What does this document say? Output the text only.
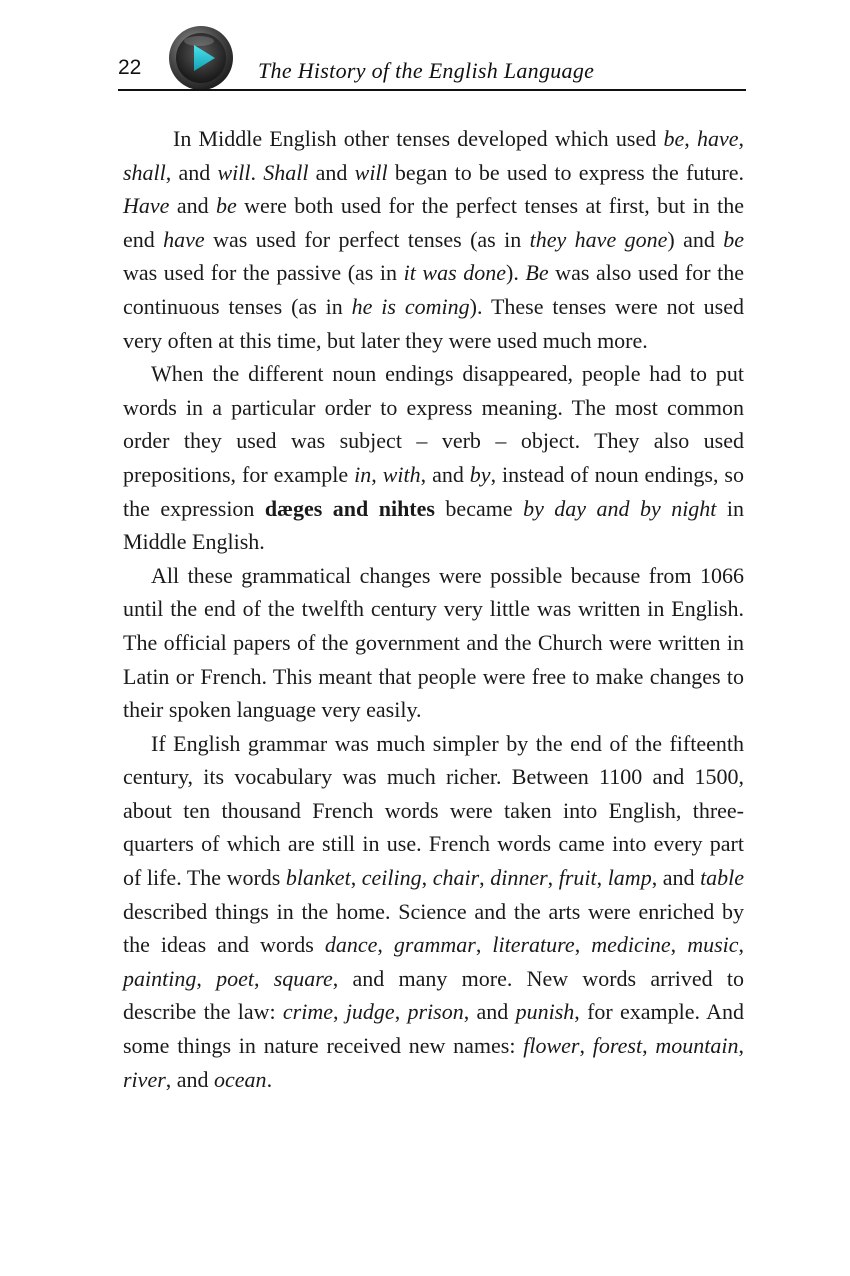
22	The History of the English Language

In Middle English other tenses developed which used be, have, shall, and will. Shall and will began to be used to express the future. Have and be were both used for the perfect tenses at first, but in the end have was used for perfect tenses (as in they have gone) and be was used for the passive (as in it was done). Be was also used for the continuous tenses (as in he is coming). These tenses were not used very often at this time, but later they were used much more.

When the different noun endings disappeared, people had to put words in a particular order to express meaning. The most common order they used was subject – verb – object. They also used prepositions, for example in, with, and by, instead of noun endings, so the expression dæges and nihtes became by day and by night in Middle English.

All these grammatical changes were possible because from 1066 until the end of the twelfth century very little was written in English. The official papers of the government and the Church were written in Latin or French. This meant that people were free to make changes to their spoken language very easily.

If English grammar was much simpler by the end of the fifteenth century, its vocabulary was much richer. Between 1100 and 1500, about ten thousand French words were taken into English, three-quarters of which are still in use. French words came into every part of life. The words blanket, ceiling, chair, dinner, fruit, lamp, and table described things in the home. Science and the arts were enriched by the ideas and words dance, grammar, literature, medicine, music, painting, poet, square, and many more. New words arrived to describe the law: crime, judge, prison, and punish, for example. And some things in nature received new names: flower, forest, mountain, river, and ocean.
